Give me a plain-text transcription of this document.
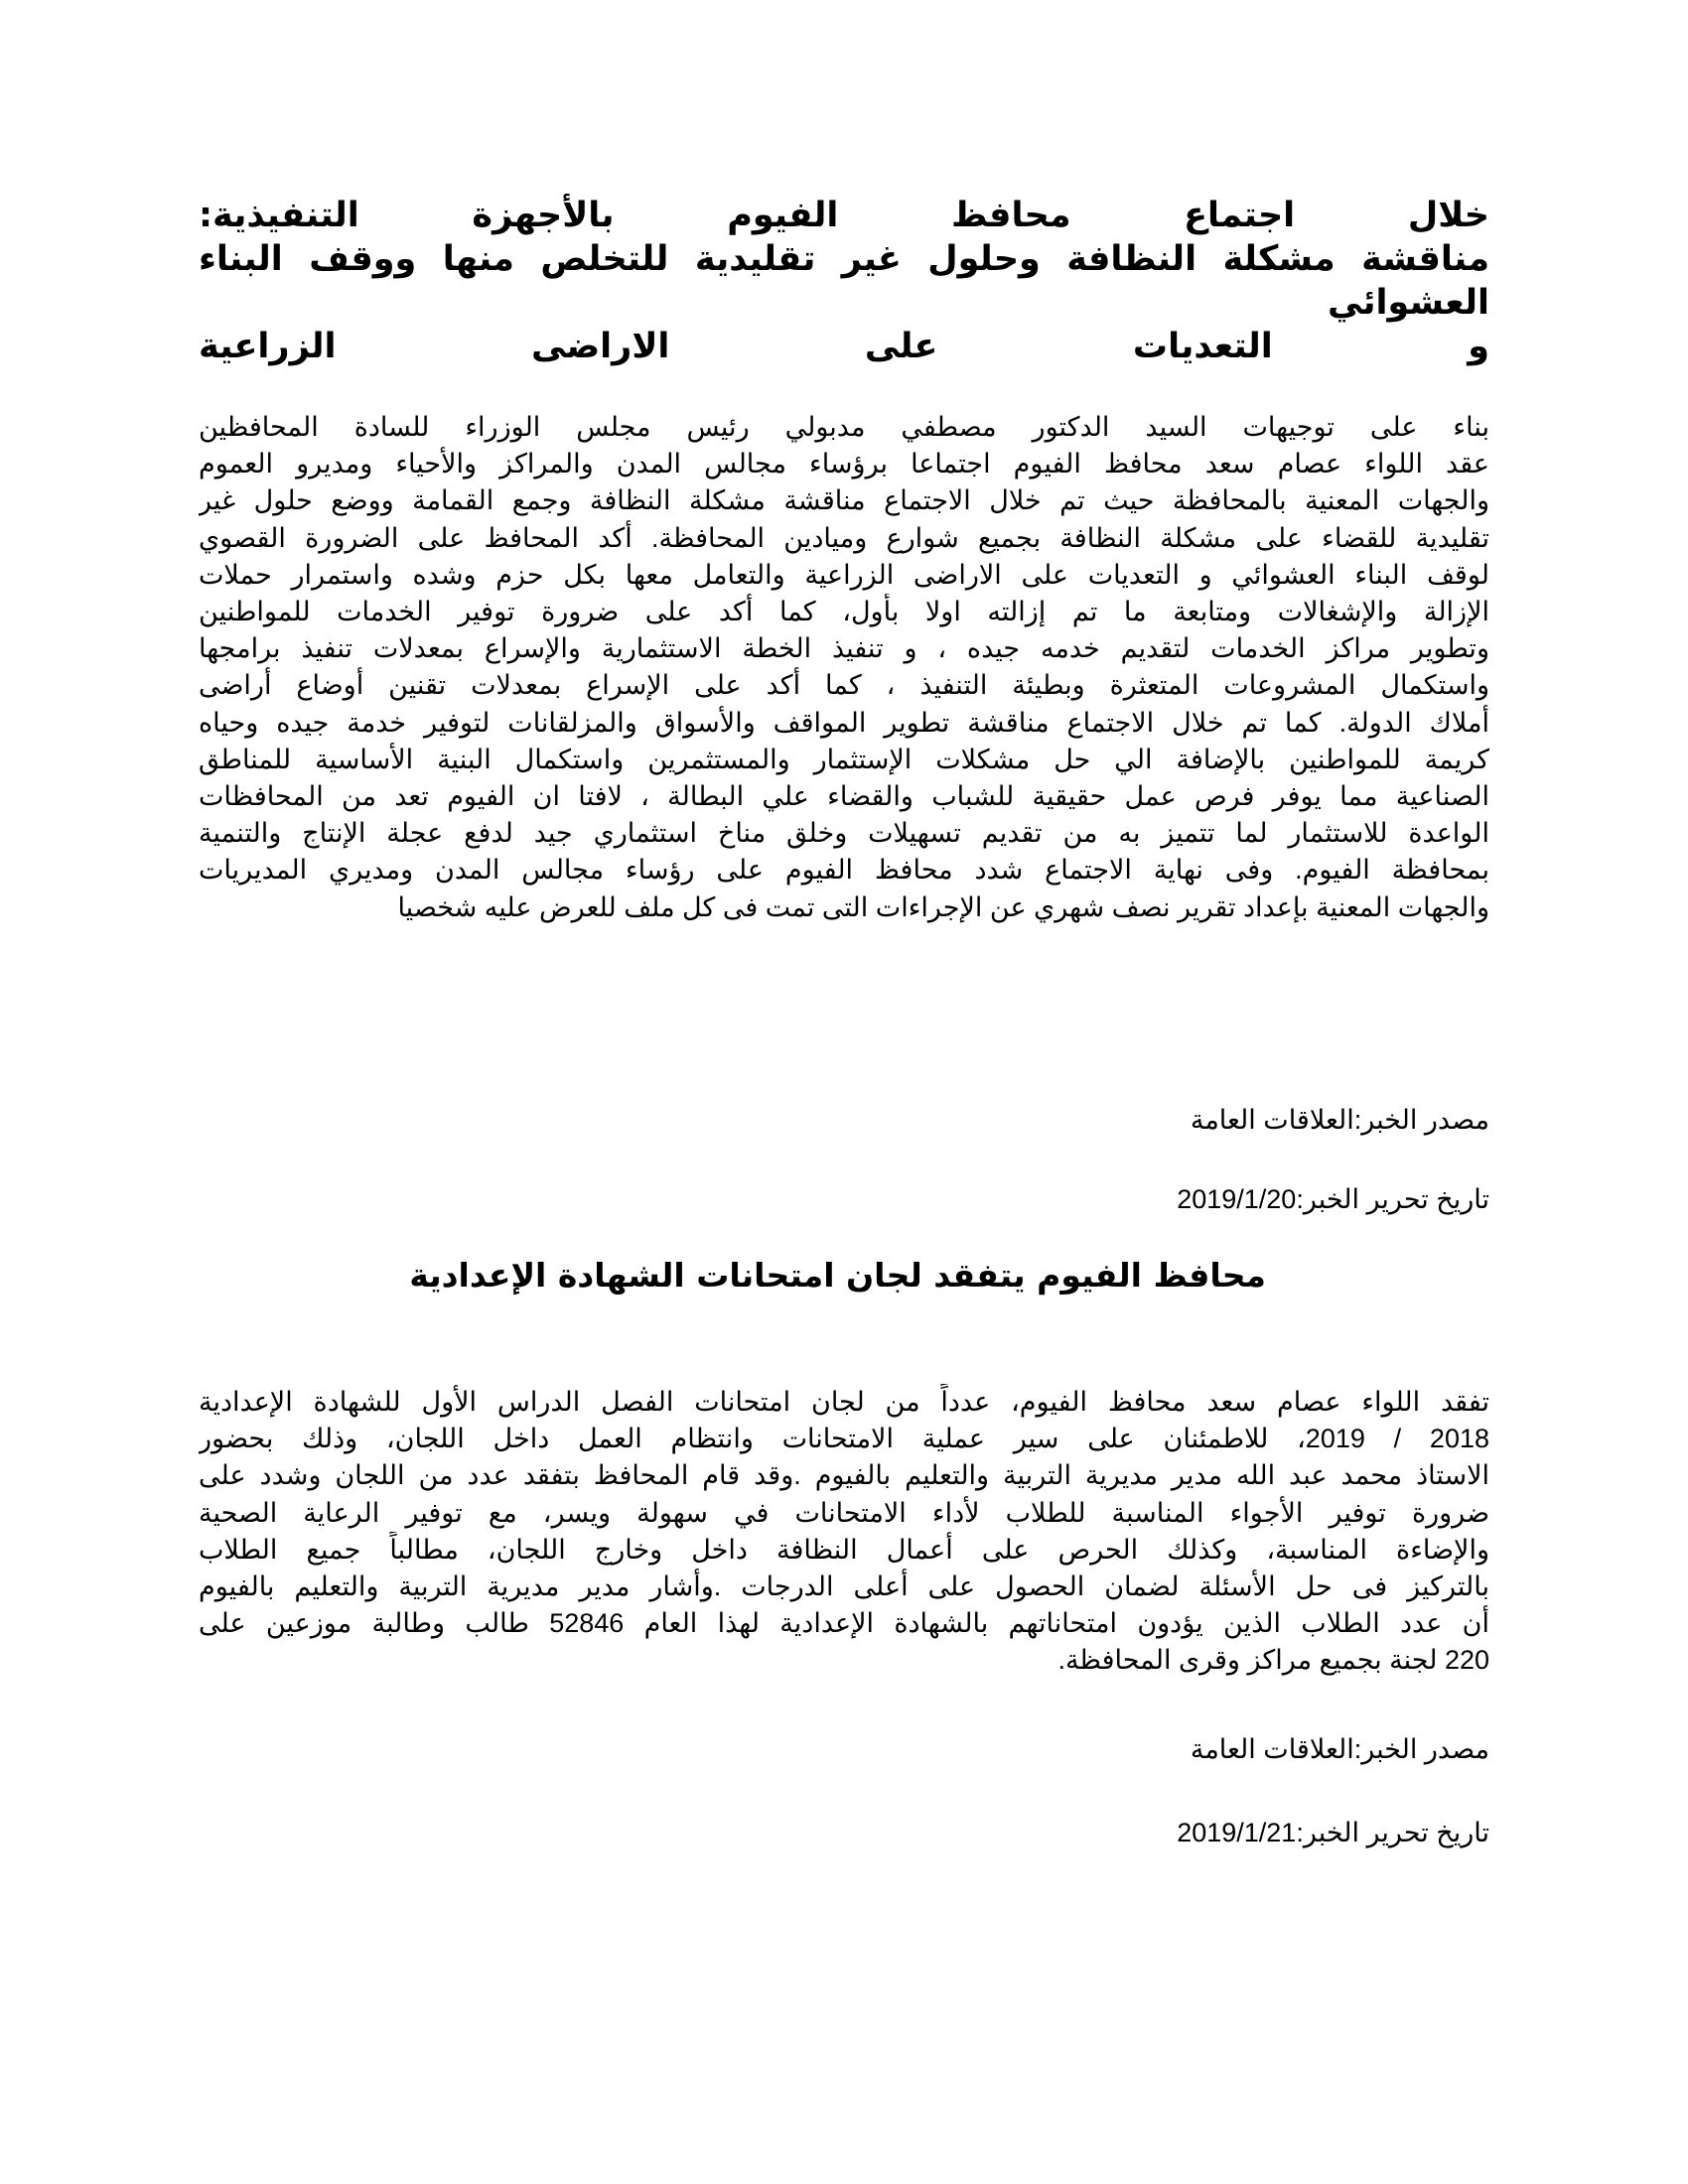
خلال اجتماع محافظ الفيوم بالأجهزة التنفيذية:
مناقشة مشكلة النظافة وحلول غير تقليدية للتخلص منها ووقف البناء العشوائي
و التعديات على الاراضى الزراعية
بناء على توجيهات السيد الدكتور مصطفي مدبولي رئيس مجلس الوزراء للسادة المحافظين
عقد اللواء عصام سعد محافظ الفيوم اجتماعا برؤساء مجالس المدن والمراكز والأحياء ومديرو العموم
والجهات المعنية بالمحافظة حيث تم خلال الاجتماع مناقشة مشكلة النظافة وجمع القمامة ووضع حلول غير
تقليدية للقضاء على مشكلة النظافة بجميع شوارع وميادين المحافظة. أكد المحافظ على الضرورة القصوي
لوقف البناء العشوائي و التعديات على الاراضى الزراعية والتعامل معها بكل حزم وشده واستمرار حملات
الإزالة والإشغالات ومتابعة ما تم إزالته اولا بأول، كما أكد على ضرورة توفير الخدمات للمواطنين
وتطوير مراكز الخدمات لتقديم خدمه جيده ، و تنفيذ الخطة الاستثمارية والإسراع بمعدلات تنفيذ برامجها
واستكمال المشروعات المتعثرة وبطيئة التنفيذ ، كما أكد على الإسراع بمعدلات تقنين أوضاع أراضى
أملاك الدولة. كما تم خلال الاجتماع مناقشة تطوير المواقف والأسواق والمزلقانات لتوفير خدمة جيده وحياه
كريمة للمواطنين بالإضافة الي حل مشكلات الإستثمار والمستثمرين واستكمال البنية الأساسية للمناطق
الصناعية مما يوفر فرص عمل حقيقية للشباب والقضاء علي البطالة ، لافتا ان الفيوم تعد من المحافظات
الواعدة للاستثمار لما تتميز به من تقديم تسهيلات وخلق مناخ استثماري جيد لدفع عجلة الإنتاج والتنمية
بمحافظة الفيوم. وفى نهاية الاجتماع شدد محافظ الفيوم على رؤساء مجالس المدن ومديري المديريات
والجهات المعنية بإعداد تقرير نصف شهري عن الإجراءات التى تمت فى كل ملف للعرض عليه شخصيا

مصدر الخبر:العلاقات العامة

تاريخ تحرير الخبر:2019/1/20

محافظ الفيوم يتفقد لجان امتحانات الشهادة الإعدادية
تفقد اللواء عصام سعد محافظ الفيوم، عدداً من لجان امتحانات الفصل الدراس الأول للشهادة الإعدادية
2018 / 2019، للاطمئنان على سير عملية الامتحانات وانتظام العمل داخل اللجان، وذلك بحضور
الاستاذ محمد عبد الله مدير مديرية التربية والتعليم بالفيوم .وقد قام المحافظ بتفقد عدد من اللجان وشدد على
ضرورة توفير الأجواء المناسبة للطلاب لأداء الامتحانات في سهولة ويسر، مع توفير الرعاية الصحية
والإضاءة المناسبة، وكذلك الحرص على أعمال النظافة داخل وخارج اللجان، مطالباً جميع الطلاب
بالتركيز فى حل الأسئلة لضمان الحصول على أعلى الدرجات .وأشار مدير مديرية التربية والتعليم بالفيوم
أن عدد الطلاب الذين يؤدون امتحاناتهم بالشهادة الإعدادية لهذا العام 52846 طالب وطالبة موزعين على
220 لجنة بجميع مراكز وقرى المحافظة.

مصدر الخبر:العلاقات العامة

تاريخ تحرير الخبر:2019/1/21
